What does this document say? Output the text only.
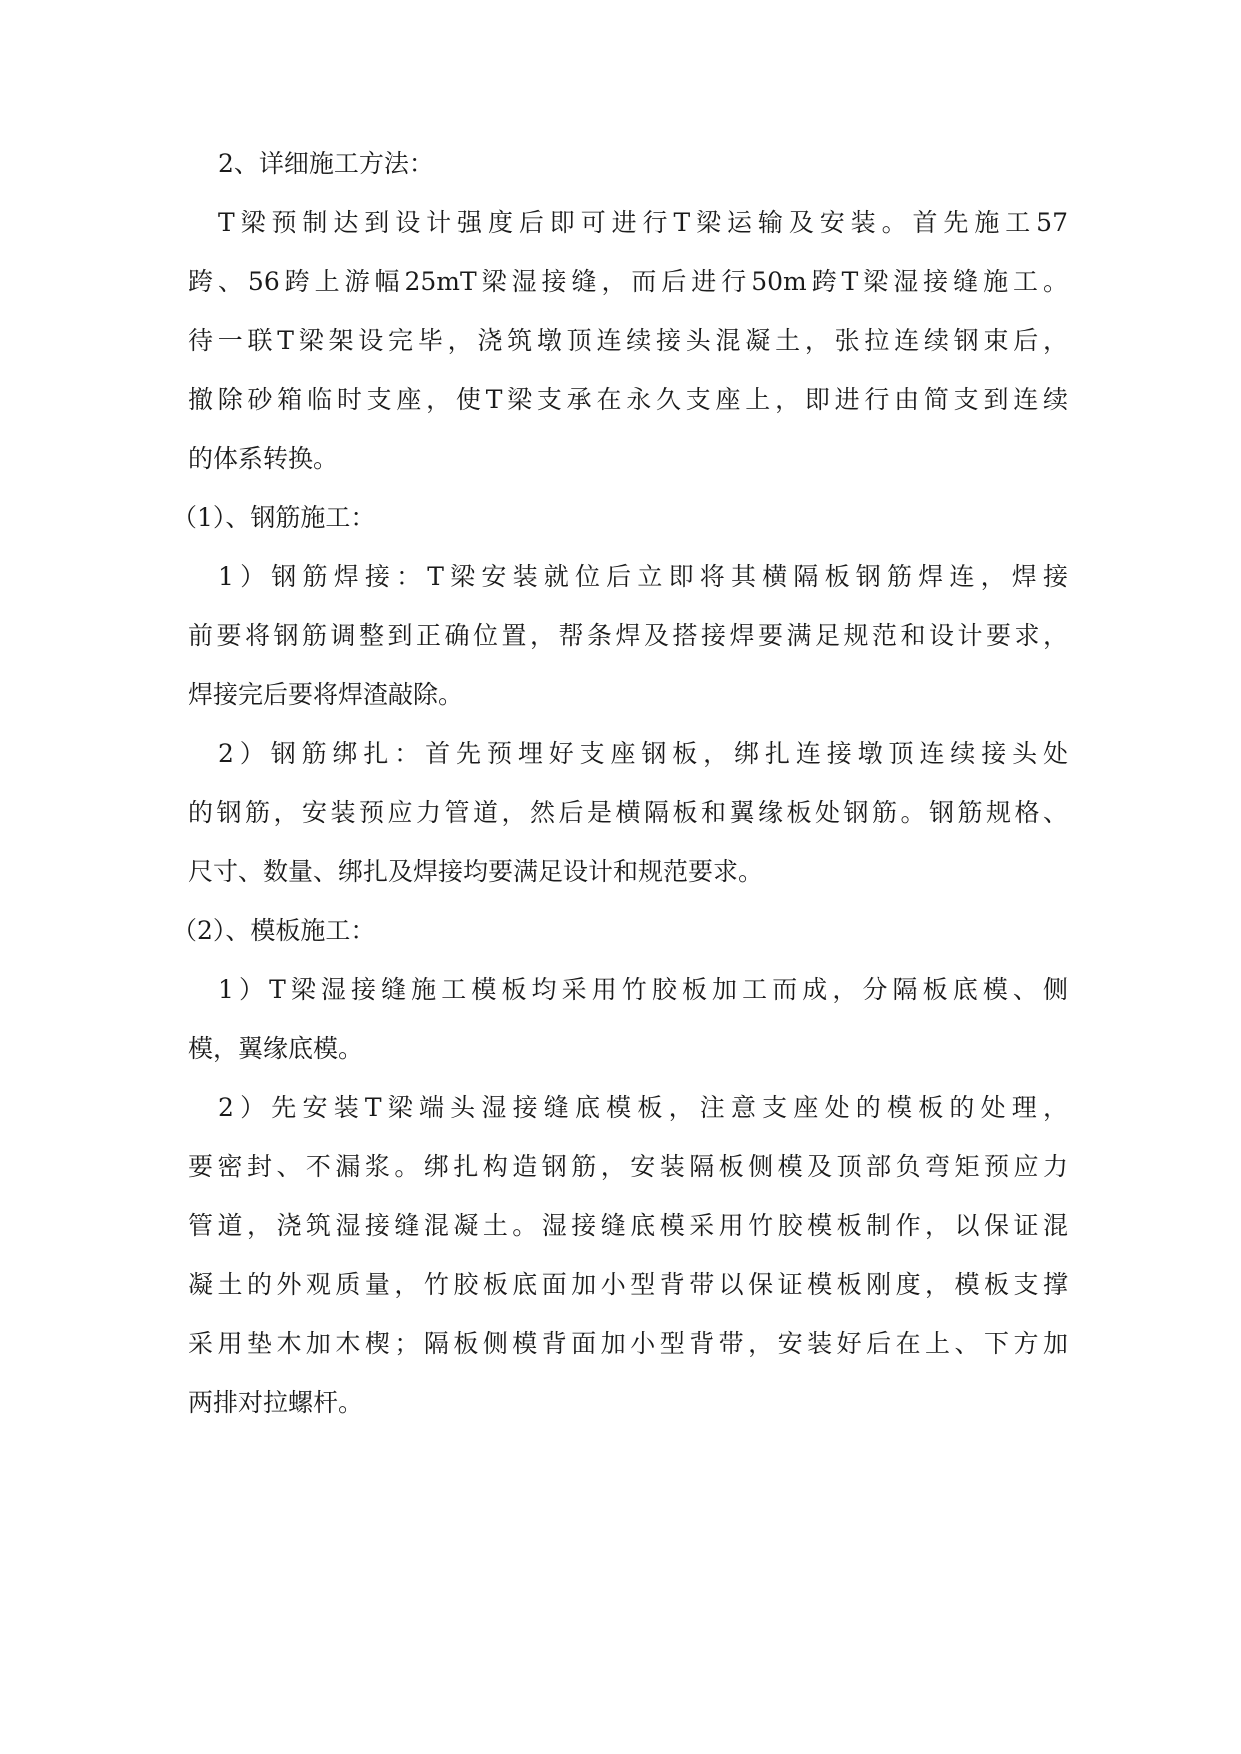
2、详细施工方法：
T梁预制达到设计强度后即可进行T梁运输及安装。首先施工57
跨、56跨上游幅25mT梁湿接缝，而后进行50m跨T梁湿接缝施工。
待一联T梁架设完毕，浇筑墩顶连续接头混凝土，张拉连续钢束后，
撤除砂箱临时支座，使T梁支承在永久支座上，即进行由简支到连续
的体系转换。
（1）、钢筋施工：
1）钢筋焊接：T梁安装就位后立即将其横隔板钢筋焊连，焊接
前要将钢筋调整到正确位置，帮条焊及搭接焊要满足规范和设计要求，
焊接完后要将焊渣敲除。
2）钢筋绑扎：首先预埋好支座钢板，绑扎连接墩顶连续接头处
的钢筋，安装预应力管道，然后是横隔板和翼缘板处钢筋。钢筋规格、
尺寸、数量、绑扎及焊接均要满足设计和规范要求。
（2）、模板施工：
1）T梁湿接缝施工模板均采用竹胶板加工而成，分隔板底模、侧
模，翼缘底模。
2）先安装T梁端头湿接缝底模板，注意支座处的模板的处理，
要密封、不漏浆。绑扎构造钢筋，安装隔板侧模及顶部负弯矩预应力
管道，浇筑湿接缝混凝土。湿接缝底模采用竹胶模板制作，以保证混
凝土的外观质量，竹胶板底面加小型背带以保证模板刚度，模板支撑
采用垫木加木楔；隔板侧模背面加小型背带，安装好后在上、下方加
两排对拉螺杆。
